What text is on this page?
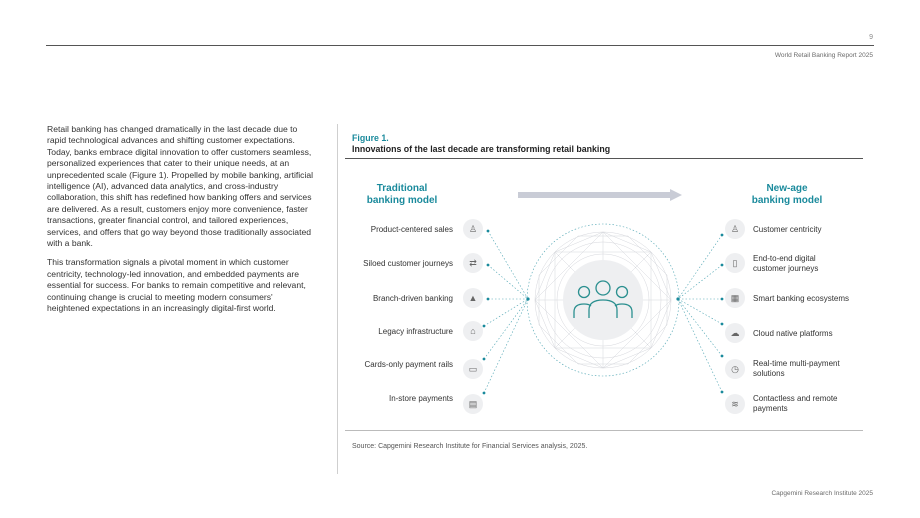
9
World Retail Banking Report 2025

Retail banking has changed dramatically in the last decade due to rapid technological advances and shifting customer expectations. Today, banks embrace digital innovation to offer customers seamless, personalized experiences that cater to their unique needs, at an unprecedented scale (Figure 1). Propelled by mobile banking, artificial intelligence (AI), advanced data analytics, and cross-industry collaboration, this shift has redefined how banking offers and services are delivered. As a result, customers enjoy more convenience, faster transactions, greater financial control, and tailored experiences, services, and offers that go way beyond those traditionally associated with a bank.

This transformation signals a pivotal moment in which customer centricity, technology-led innovation, and embedded payments are essential for success. For banks to remain competitive and relevant, continuing change is crucial to meeting modern consumers' heightened expectations in an increasingly digital-first world.

Figure 1.
Innovations of the last decade are transforming retail banking
Traditional
banking model
New-age
banking model
Product-centered sales	♙
Siloed customer journeys	⇄
Branch-driven banking	▲
Legacy infrastructure	⌂
Cards-only payment rails	▭
In-store payments	▤
♙	Customer centricity
▯	End-to-end digital customer journeys
▦	Smart banking ecosystems
☁	Cloud native platforms
◷	Real-time multi-payment solutions
≋	Contactless and remote payments
Source: Capgemini Research Institute for Financial Services analysis, 2025.
Capgemini Research Institute 2025
